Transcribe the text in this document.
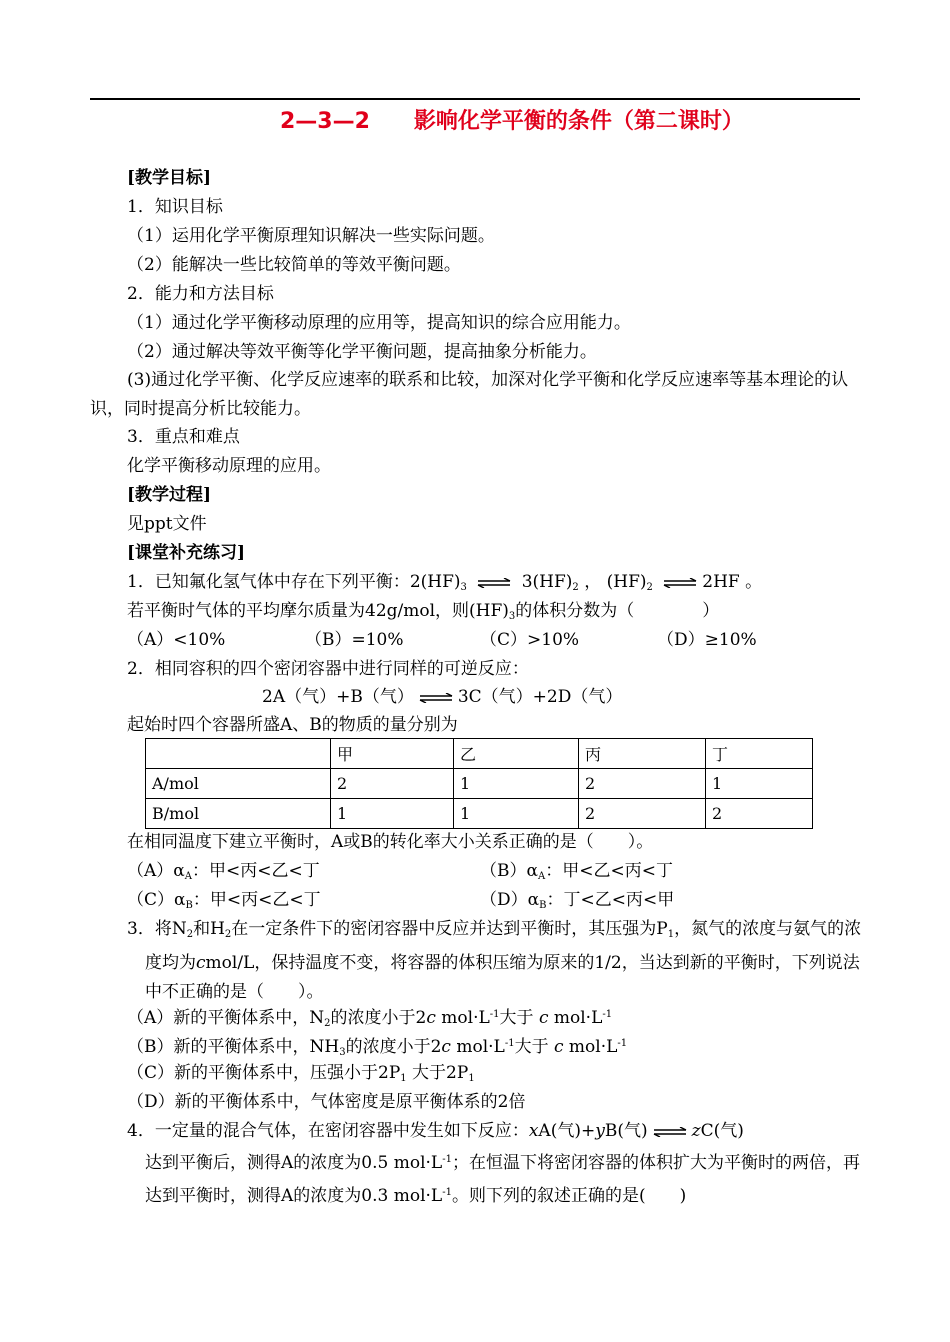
2—3—2　　影响化学平衡的条件（第二课时）
[教学目标]
1．知识目标
（1）运用化学平衡原理知识解决一些实际问题。
（2）能解决一些比较简单的等效平衡问题。
2．能力和方法目标
（1）通过化学平衡移动原理的应用等，提高知识的综合应用能力。
（2）通过解决等效平衡等化学平衡问题，提高抽象分析能力。
(3)通过化学平衡、化学反应速率的联系和比较，加深对化学平衡和化学反应速率等基本理论的认识，同时提高分析比较能力。
3．重点和难点
化学平衡移动原理的应用。
[教学过程]
见ppt文件
[课堂补充练习]
1．已知氟化氢气体中存在下列平衡：$2(HF)_3$ ⇌ $3(HF)_2$ ， $(HF)_2$ ⇌ 2HF 。
若平衡时气体的平均摩尔质量为42g/mol，则$(HF)_3$的体积分数为（　　　　）
（A）<10%	（B）=10%	（C）>10%	（D）≥10%
2．相同容积的四个密闭容器中进行同样的可逆反应：
2A（气）+B（气） ⇌ 3C（气）+2D（气）
起始时四个容器所盛A、B的物质的量分别为
	甲	乙	丙	丁
A/mol	2	1	2	1
B/mol	1	1	2	2
在相同温度下建立平衡时，A或B的转化率大小关系正确的是（　　）。
$(A)\alpha_A$：甲<丙<乙<丁	$(B)\alpha_A$：甲<乙<丙<丁
$(C)\alpha_B$：甲<丙<乙<丁	$(D)\alpha_B$：丁<乙<丙<甲
3．将$N_2$和$H_2$在一定条件下的密闭容器中反应并达到平衡时，其压强为$P_1$，氮气的浓度与氨气的浓度均为cmol/L，保持温度不变，将容器的体积压缩为原来的1/2，当达到新的平衡时，下列说法中不正确的是（　　）。
（A）新的平衡体系中，$N_2$的浓度小于2c $mol\cdot L^{-1}$大于 c $mol\cdot L^{-1}$
（B）新的平衡体系中，$NH_3$的浓度小于2c $mol\cdot L^{-1}$大于 c $mol\cdot L^{-1}$
（C）新的平衡体系中，压强小于$2P_1$ 大于$2P_1$
（D）新的平衡体系中，气体密度是原平衡体系的2倍
4．一定量的混合气体，在密闭容器中发生如下反应：xA(气)+yB(气) ⇌ zC(气)
达到平衡后，测得A的浓度为0.5 $mol\cdot L^{-1}$；在恒温下将密闭容器的体积扩大为平衡时的两倍，再达到平衡时，测得A的浓度为0.3 $mol\cdot L^{-1}$。则下列的叙述正确的是(　　)
